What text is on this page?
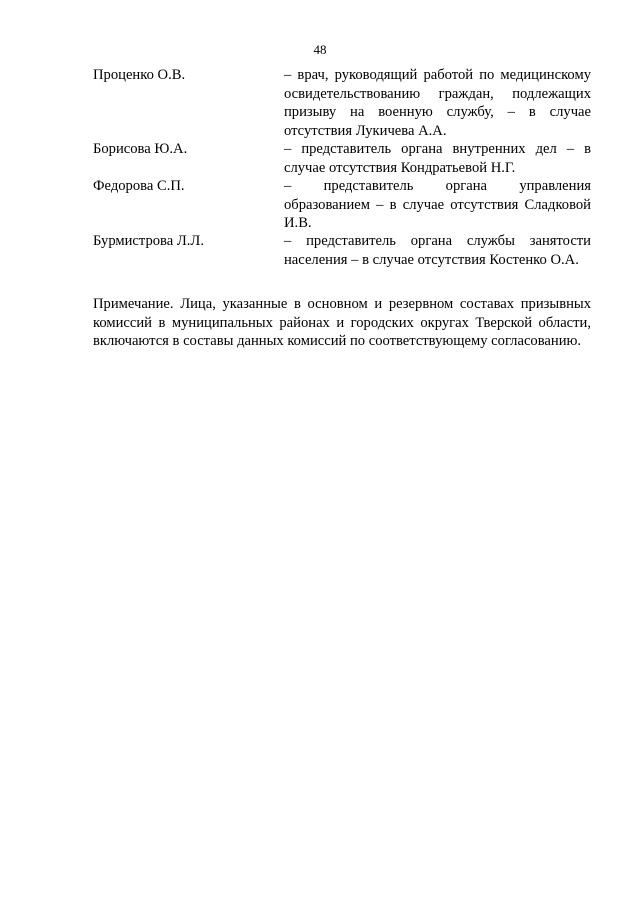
48
Проценко О.В.	– врач, руководящий работой по медицинскому освидетельствованию граждан, подлежащих призыву на военную службу, – в случае отсутствия Лукичева А.А.
Борисова Ю.А.	– представитель органа внутренних дел – в случае отсутствия Кондратьевой Н.Г.
Федорова С.П.	– представитель органа управления образованием – в случае отсутствия Сладковой И.В.
Бурмистрова Л.Л.	– представитель органа службы занятости населения – в случае отсутствия Костенко О.А.
Примечание. Лица, указанные в основном и резервном составах призывных комиссий в муниципальных районах и городских округах Тверской области, включаются в составы данных комиссий по соответствующему согласованию.
